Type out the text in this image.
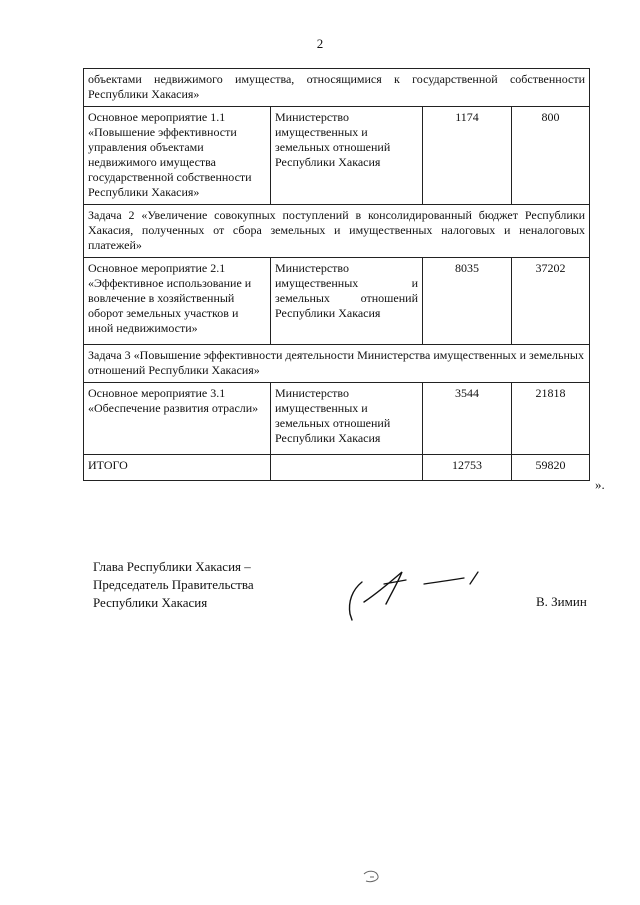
2
объектами недвижимого имущества, относящимися к государственной собственности Республики Хакасия»			
Основное мероприятие 1.1 «Повышение эффективности управления объектами недвижимого имущества государственной собственности Республики Хакасия»	Министерство имущественных и земельных отношений Республики Хакасия	1174	800
Задача 2 «Увеличение совокупных поступлений в консолидированный бюджет Республики Хакасия, полученных от сбора земельных и имущественных налоговых и неналоговых платежей»			
Основное мероприятие 2.1 «Эффективное использование и вовлечение в хозяйственный оборот земельных участков и иной недвижимости»	Министерство имущественных и земельных отношений Республики Хакасия	8035	37202
Задача 3 «Повышение эффективности деятельности Министерства имущественных и земельных отношений Республики Хакасия»			
Основное мероприятие 3.1 «Обеспечение развития отрасли»	Министерство имущественных и земельных отношений Республики Хакасия	3544	21818
ИТОГО		12753	59820
».
Глава Республики Хакасия –
Председатель Правительства
Республики Хакасия	В. Зимин
